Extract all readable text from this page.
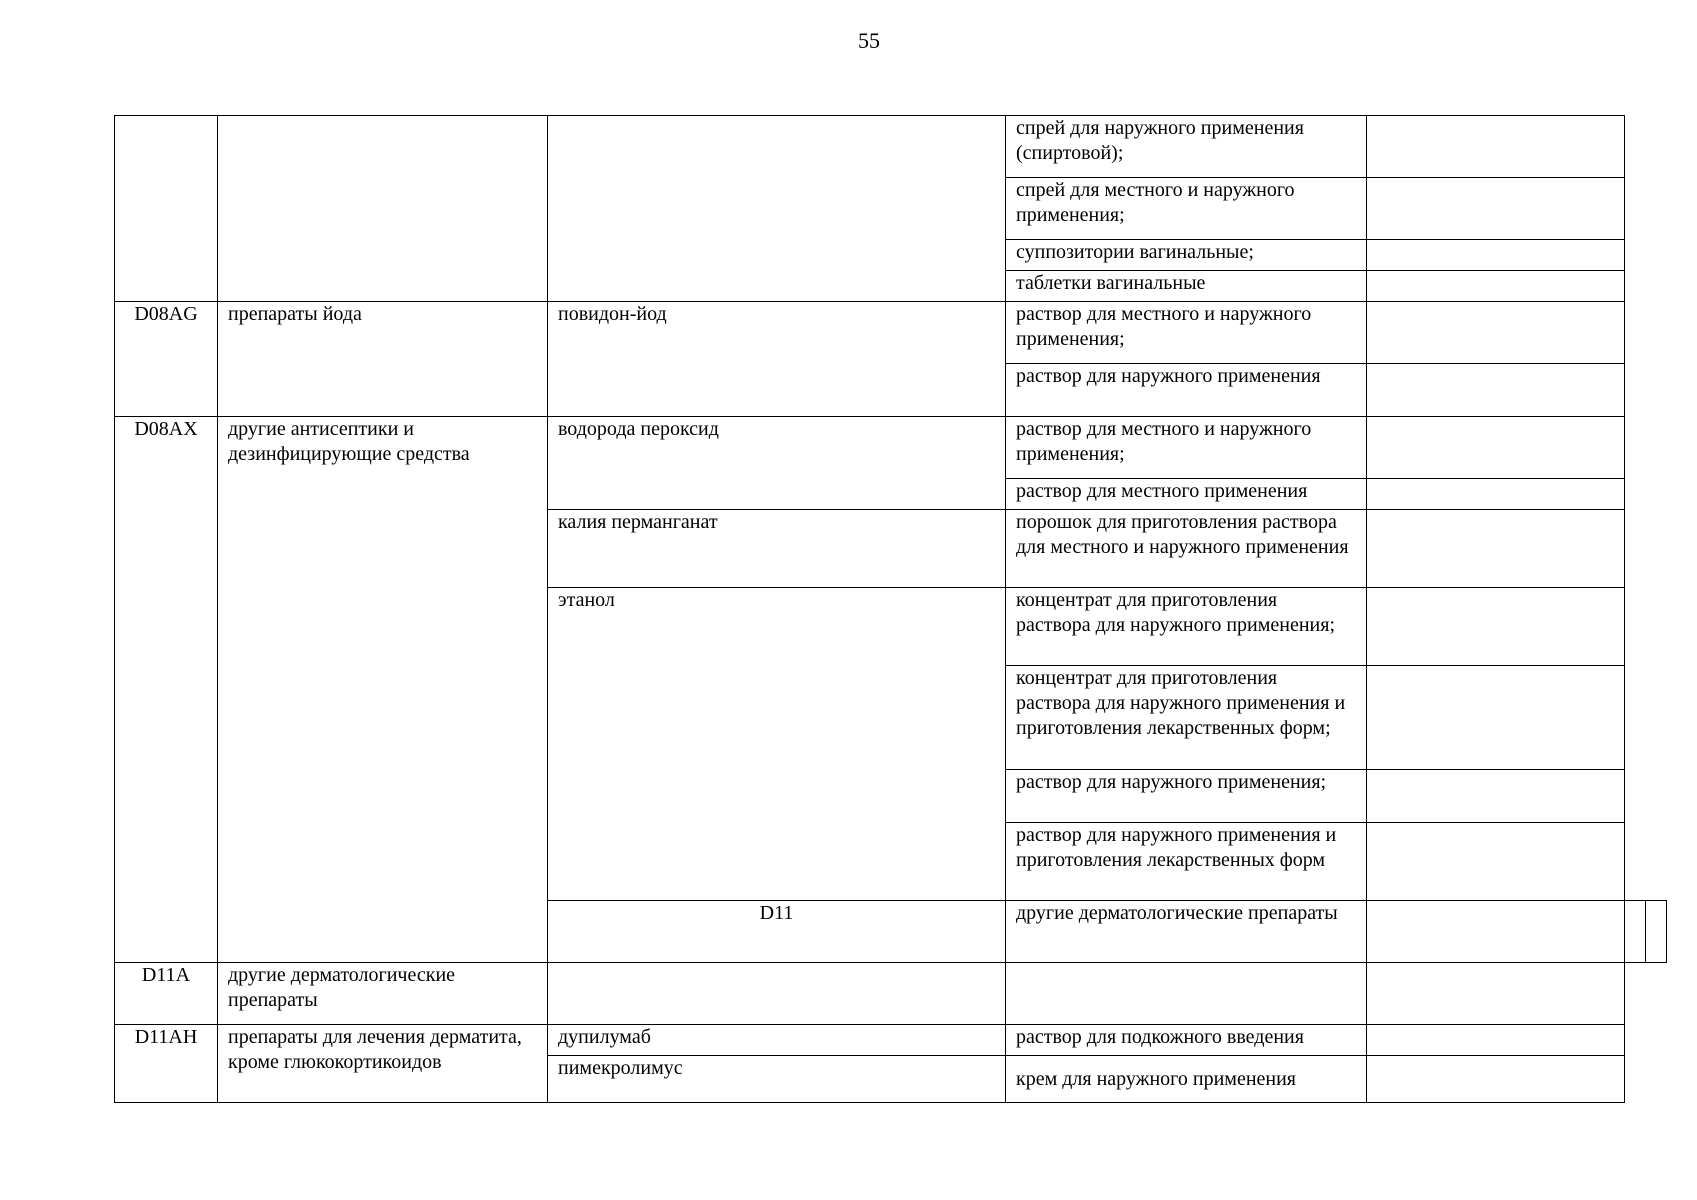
55

			спрей для наружного применения (спиртовой);			

			спрей для местного и наружного применения;			

			суппозитории вагинальные;			

			таблетки вагинальные			

D08AG	препараты йода	повидон-йод	раствор для местного и наружного применения;			

			раствор для наружного применения			

D08AX	другие антисептики и дезинфицирующие средства	водорода пероксид	раствор для местного и наружного применения;			

			раствор для местного применения			

		калия перманганат	порошок для приготовления раствора для местного и наружного применения			

		этанол	концентрат для приготовления раствора для наружного применения;			

			концентрат для приготовления раствора для наружного применения и приготовления лекарственных форм;			

			раствор для наружного применения;			

			раствор для наружного применения и приготовления лекарственных форм			

		D11	другие дерматологические препараты			

D11A	другие дерматологические препараты					

D11AH	препараты для лечения дерматита, кроме глюкокортикоидов	дупилумаб	раствор для подкожного введения			

		пимекролимус	крем для наружного применения			
